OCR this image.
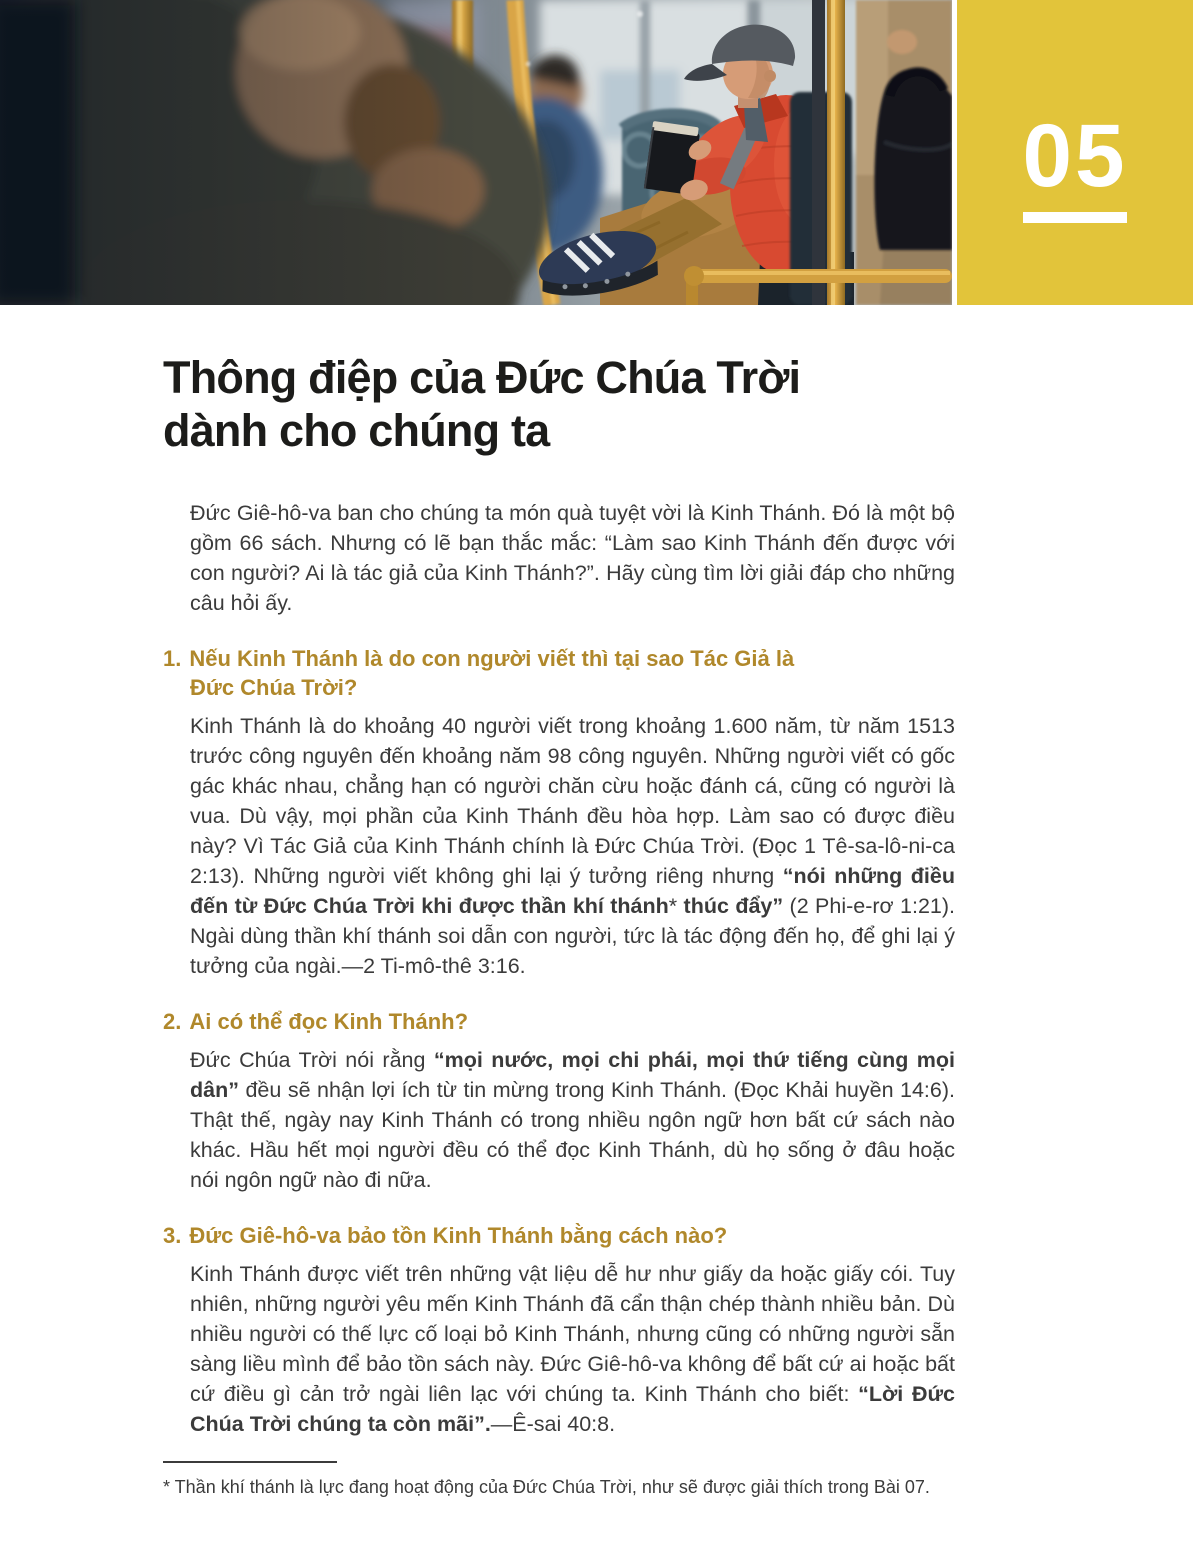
05
Thông điệp của Đức Chúa Trời dành cho chúng ta

Đức Giê-hô-va ban cho chúng ta món quà tuyệt vời là Kinh Thánh. Đó là một bộ gồm 66 sách. Nhưng có lẽ bạn thắc mắc: “Làm sao Kinh Thánh đến được với con người? Ai là tác giả của Kinh Thánh?”. Hãy cùng tìm lời giải đáp cho những câu hỏi ấy.

1. Nếu Kinh Thánh là do con người viết thì tại sao Tác Giả là Đức Chúa Trời?

Kinh Thánh là do khoảng 40 người viết trong khoảng 1.600 năm, từ năm 1513 trước công nguyên đến khoảng năm 98 công nguyên. Những người viết có gốc gác khác nhau, chẳng hạn có người chăn cừu hoặc đánh cá, cũng có người là vua. Dù vậy, mọi phần của Kinh Thánh đều hòa hợp. Làm sao có được điều này? Vì Tác Giả của Kinh Thánh chính là Đức Chúa Trời. (Đọc 1 Tê-sa-lô-ni-ca 2:13). Những người viết không ghi lại ý tưởng riêng nhưng “nói những điều đến từ Đức Chúa Trời khi được thần khí thánh* thúc đẩy” (2 Phi-e-rơ 1:21). Ngài dùng thần khí thánh soi dẫn con người, tức là tác động đến họ, để ghi lại ý tưởng của ngài.—2 Ti-mô-thê 3:16.

2. Ai có thể đọc Kinh Thánh?

Đức Chúa Trời nói rằng “mọi nước, mọi chi phái, mọi thứ tiếng cùng mọi dân” đều sẽ nhận lợi ích từ tin mừng trong Kinh Thánh. (Đọc Khải huyền 14:6). Thật thế, ngày nay Kinh Thánh có trong nhiều ngôn ngữ hơn bất cứ sách nào khác. Hầu hết mọi người đều có thể đọc Kinh Thánh, dù họ sống ở đâu hoặc nói ngôn ngữ nào đi nữa.

3. Đức Giê-hô-va bảo tồn Kinh Thánh bằng cách nào?

Kinh Thánh được viết trên những vật liệu dễ hư như giấy da hoặc giấy cói. Tuy nhiên, những người yêu mến Kinh Thánh đã cẩn thận chép thành nhiều bản. Dù nhiều người có thế lực cố loại bỏ Kinh Thánh, nhưng cũng có những người sẵn sàng liều mình để bảo tồn sách này. Đức Giê-hô-va không để bất cứ ai hoặc bất cứ điều gì cản trở ngài liên lạc với chúng ta. Kinh Thánh cho biết: “Lời Đức Chúa Trời chúng ta còn mãi”.—Ê-sai 40:8.

* Thần khí thánh là lực đang hoạt động của Đức Chúa Trời, như sẽ được giải thích trong Bài 07.
